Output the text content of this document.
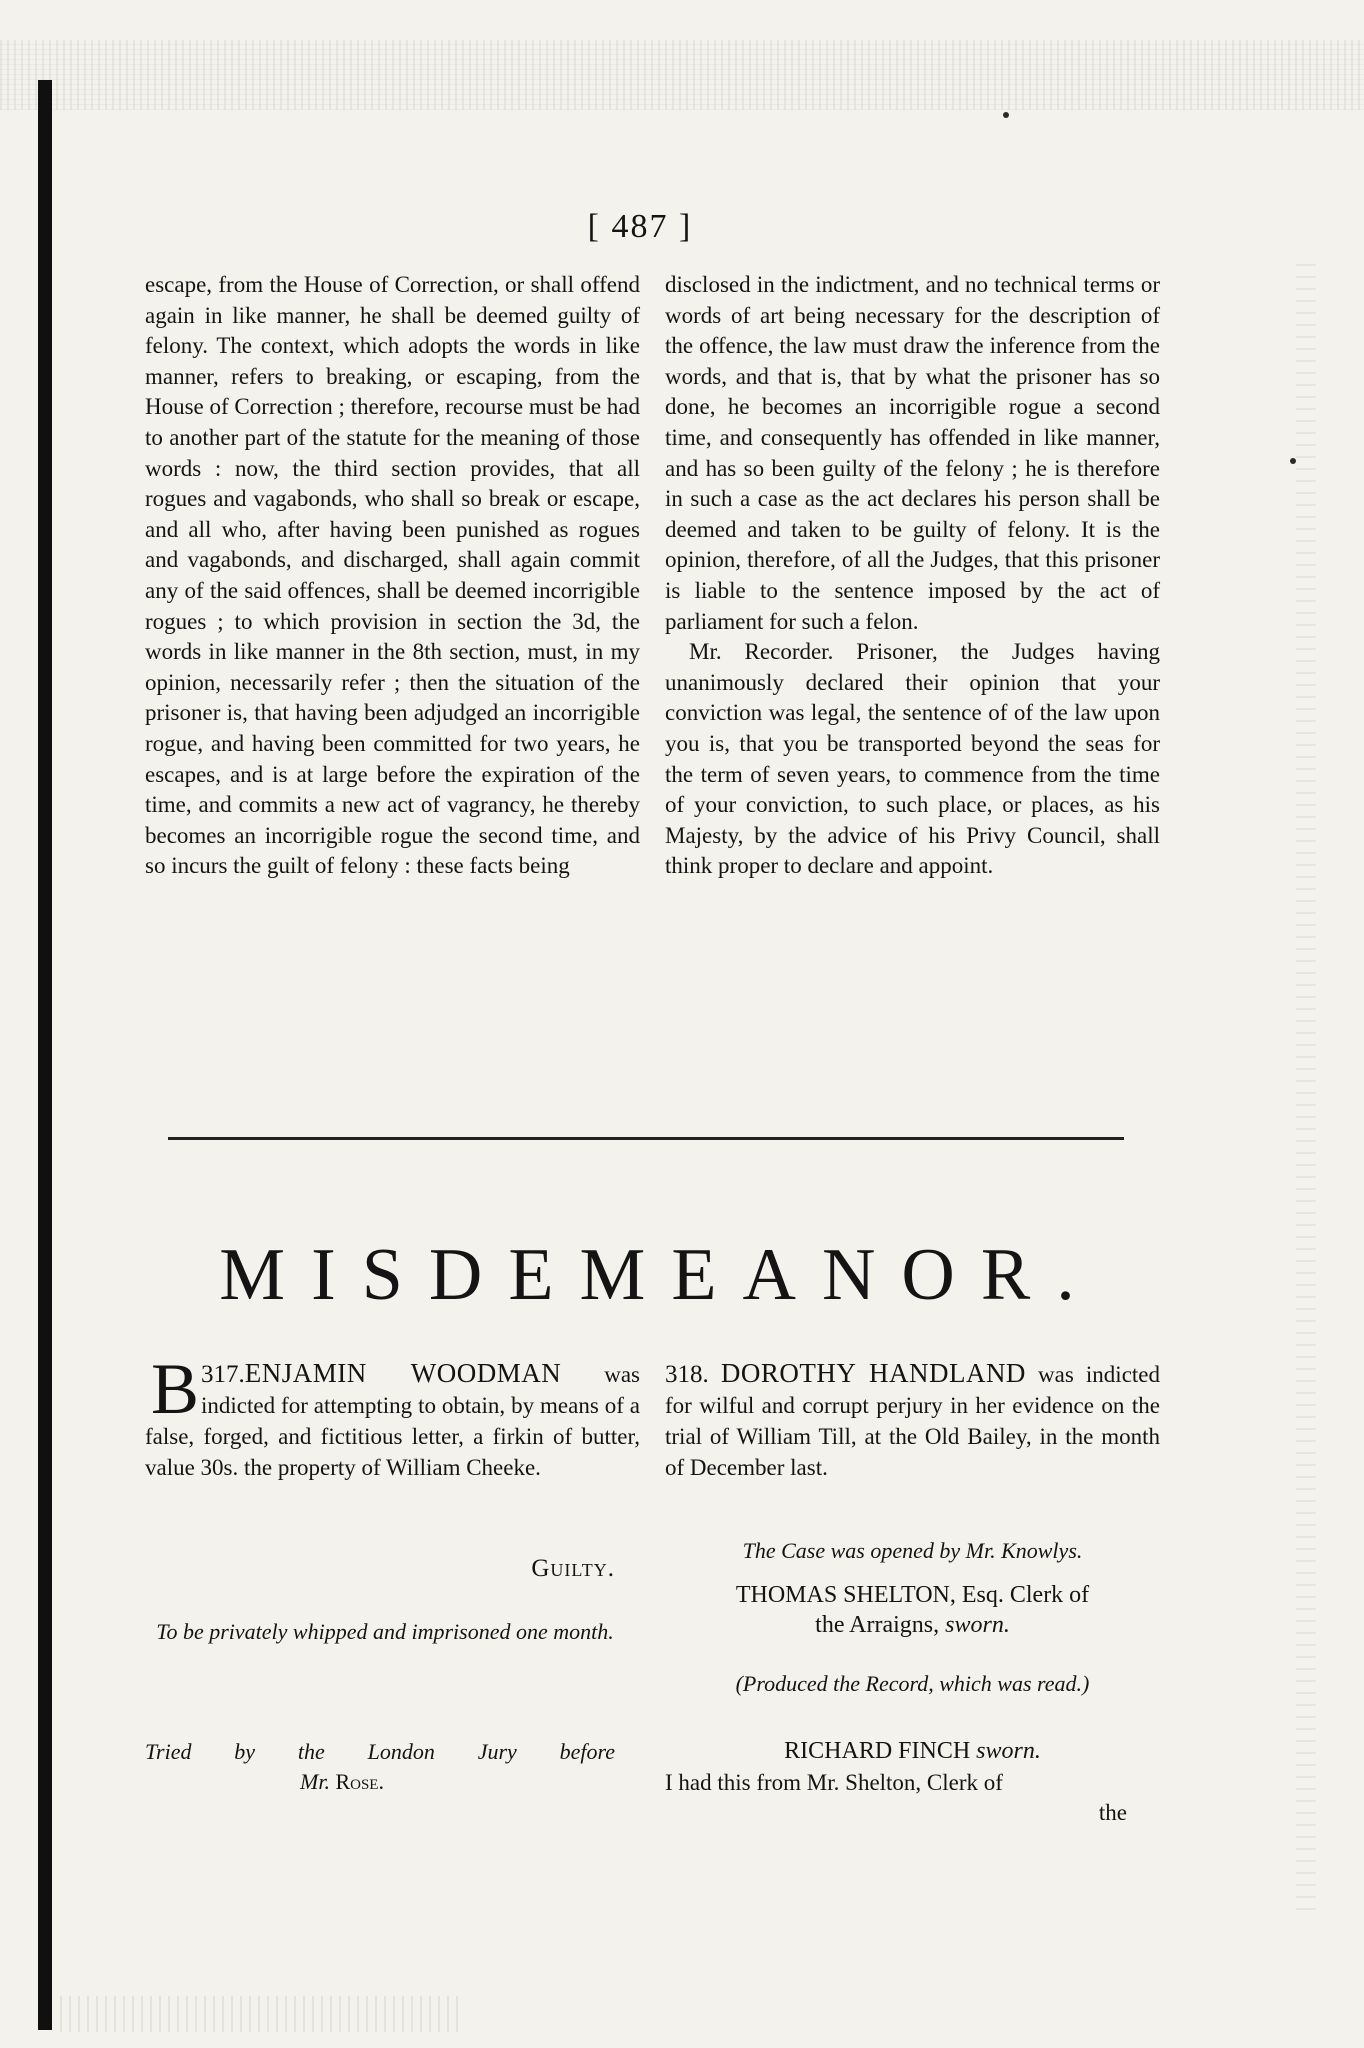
[ 487 ]

escape, from the House of Correction, or shall offend again in like manner, he shall be deemed guilty of felony. The context, which adopts the words in like manner, refers to breaking, or escaping, from the House of Correction ; therefore, recourse must be had to another part of the statute for the meaning of those words : now, the third section provides, that all rogues and vagabonds, who shall so break or escape, and all who, after having been punished as rogues and vagabonds, and discharged, shall again commit any of the said offences, shall be deemed incorrigible rogues ; to which provision in section the 3d, the words in like manner in the 8th section, must, in my opinion, necessarily refer ; then the situation of the prisoner is, that having been adjudged an incorrigible rogue, and having been committed for two years, he escapes, and is at large before the expiration of the time, and commits a new act of vagrancy, he thereby becomes an incorrigible rogue the second time, and so incurs the guilt of felony : these facts being

disclosed in the indictment, and no technical terms or words of art being necessary for the description of the offence, the law must draw the inference from the words, and that is, that by what the prisoner has so done, he becomes an incorrigible rogue a second time, and consequently has offended in like manner, and has so been guilty of the felony ; he is therefore in such a case as the act declares his person shall be deemed and taken to be guilty of felony. It is the opinion, therefore, of all the Judges, that this prisoner is liable to the sentence imposed by the act of parliament for such a felon.

Mr. Recorder. Prisoner, the Judges having unanimously declared their opinion that your conviction was legal, the sentence of of the law upon you is, that you be transported beyond the seas for the term of seven years, to commence from the time of your conviction, to such place, or places, as his Majesty, by the advice of his Privy Council, shall think proper to declare and appoint.

MISDEMEANOR.

317.
B ENJAMIN WOODMAN was indicted for attempting to obtain, by means of a false, forged, and fictitious letter, a firkin of butter, value 30s. the property of William Cheeke.

Guilty.
To be privately whipped and imprisoned one month.
Tried by the London Jury before
Mr. Rose.

318. DOROTHY HANDLAND was indicted for wilful and corrupt perjury in her evidence on the trial of William Till, at the Old Bailey, in the month of December last.

The Case was opened by Mr. Knowlys.
THOMAS SHELTON, Esq. Clerk of
the Arraigns, sworn.
(Produced the Record, which was read.)
RICHARD FINCH sworn.
I had this from Mr. Shelton, Clerk of
the
